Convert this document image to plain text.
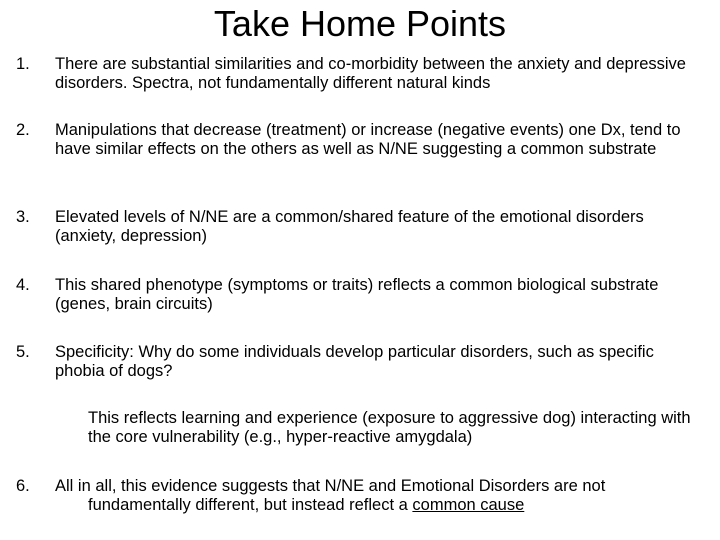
Take Home Points
1. There are substantial similarities and co-morbidity between the anxiety and depressive disorders. Spectra, not fundamentally different natural kinds
2. Manipulations that decrease (treatment) or increase (negative events) one Dx, tend to have similar effects on the others as well as N/NE suggesting a common substrate
3. Elevated levels of N/NE are a common/shared feature of the emotional disorders (anxiety, depression)
4. This shared phenotype (symptoms or traits) reflects a common biological substrate (genes, brain circuits)
5. Specificity: Why do some individuals develop particular disorders, such as specific phobia of dogs?
This reflects learning and experience (exposure to aggressive dog) interacting with the core vulnerability (e.g., hyper-reactive amygdala)
6. All in all, this evidence suggests that N/NE and Emotional Disorders are not
fundamentally different, but instead reflect a common cause
